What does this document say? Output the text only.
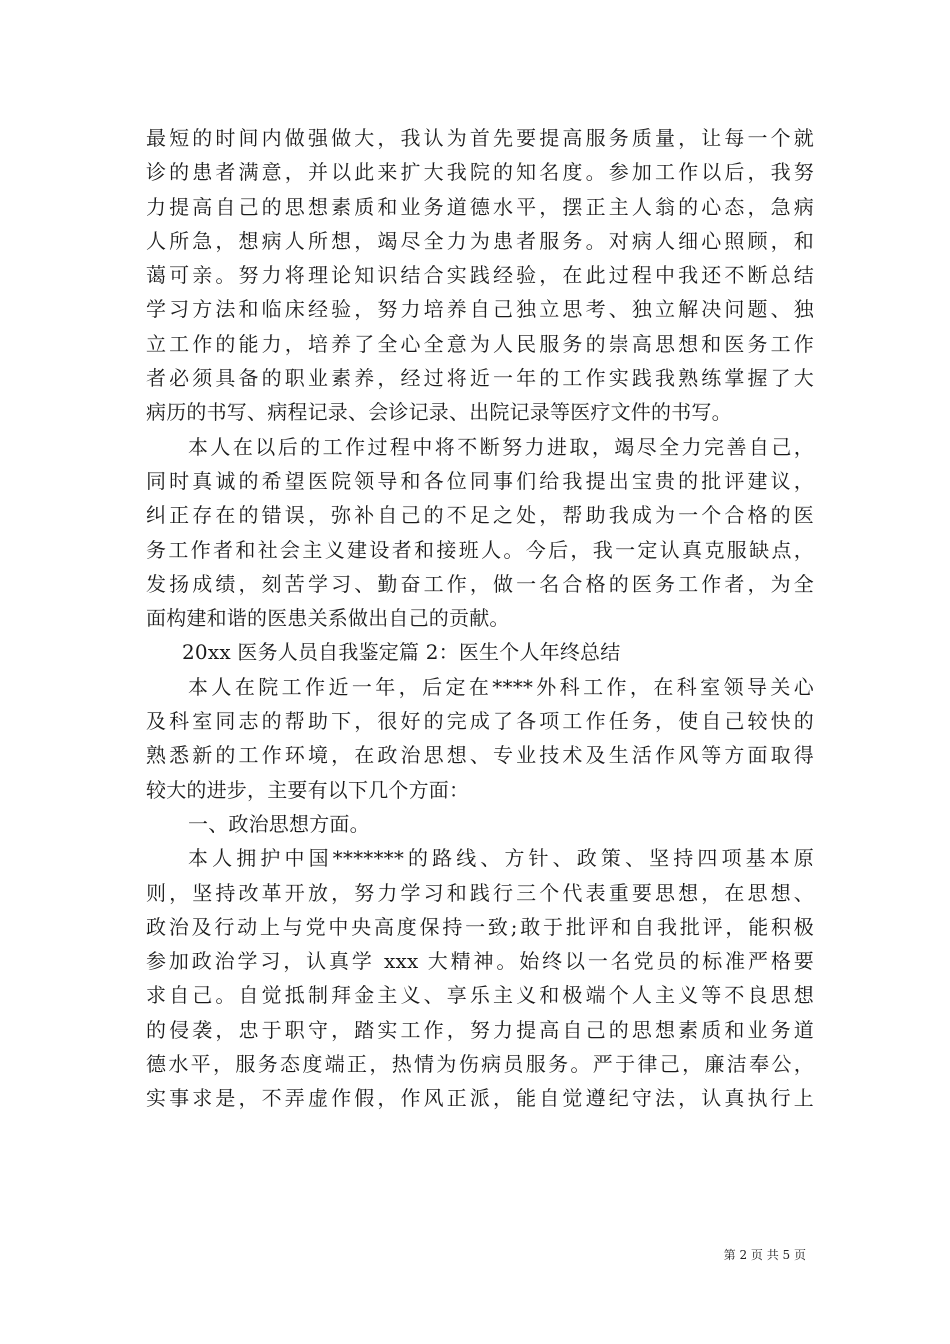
最短的时间内做强做大，我认为首先要提高服务质量，让每一个就
诊的患者满意，并以此来扩大我院的知名度。参加工作以后，我努
力提高自己的思想素质和业务道德水平，摆正主人翁的心态，急病
人所急，想病人所想，竭尽全力为患者服务。对病人细心照顾，和
蔼可亲。努力将理论知识结合实践经验，在此过程中我还不断总结
学习方法和临床经验，努力培养自己独立思考、独立解决问题、独
立工作的能力，培养了全心全意为人民服务的崇高思想和医务工作
者必须具备的职业素养，经过将近一年的工作实践我熟练掌握了大
病历的书写、病程记录、会诊记录、出院记录等医疗文件的书写。
本人在以后的工作过程中将不断努力进取，竭尽全力完善自己，
同时真诚的希望医院领导和各位同事们给我提出宝贵的批评建议，
纠正存在的错误，弥补自己的不足之处，帮助我成为一个合格的医
务工作者和社会主义建设者和接班人。今后，我一定认真克服缺点，
发扬成绩，刻苦学习、勤奋工作，做一名合格的医务工作者，为全
面构建和谐的医患关系做出自己的贡献。
20xx 医务人员自我鉴定篇 2：医生个人年终总结
本人在院工作近一年，后定在****外科工作，在科室领导关心
及科室同志的帮助下，很好的完成了各项工作任务，使自己较快的
熟悉新的工作环境，在政治思想、专业技术及生活作风等方面取得
较大的进步，主要有以下几个方面：
一、政治思想方面。
本人拥护中国*******的路线、方针、政策、坚持四项基本原
则，坚持改革开放，努力学习和践行三个代表重要思想，在思想、
政治及行动上与党中央高度保持一致;敢于批评和自我批评，能积极
参加政治学习，认真学 xxx 大精神。始终以一名党员的标准严格要
求自己。自觉抵制拜金主义、享乐主义和极端个人主义等不良思想
的侵袭，忠于职守，踏实工作，努力提高自己的思想素质和业务道
德水平，服务态度端正，热情为伤病员服务。严于律己，廉洁奉公，
实事求是，不弄虚作假，作风正派，能自觉遵纪守法，认真执行上
第 2 页 共 5 页
